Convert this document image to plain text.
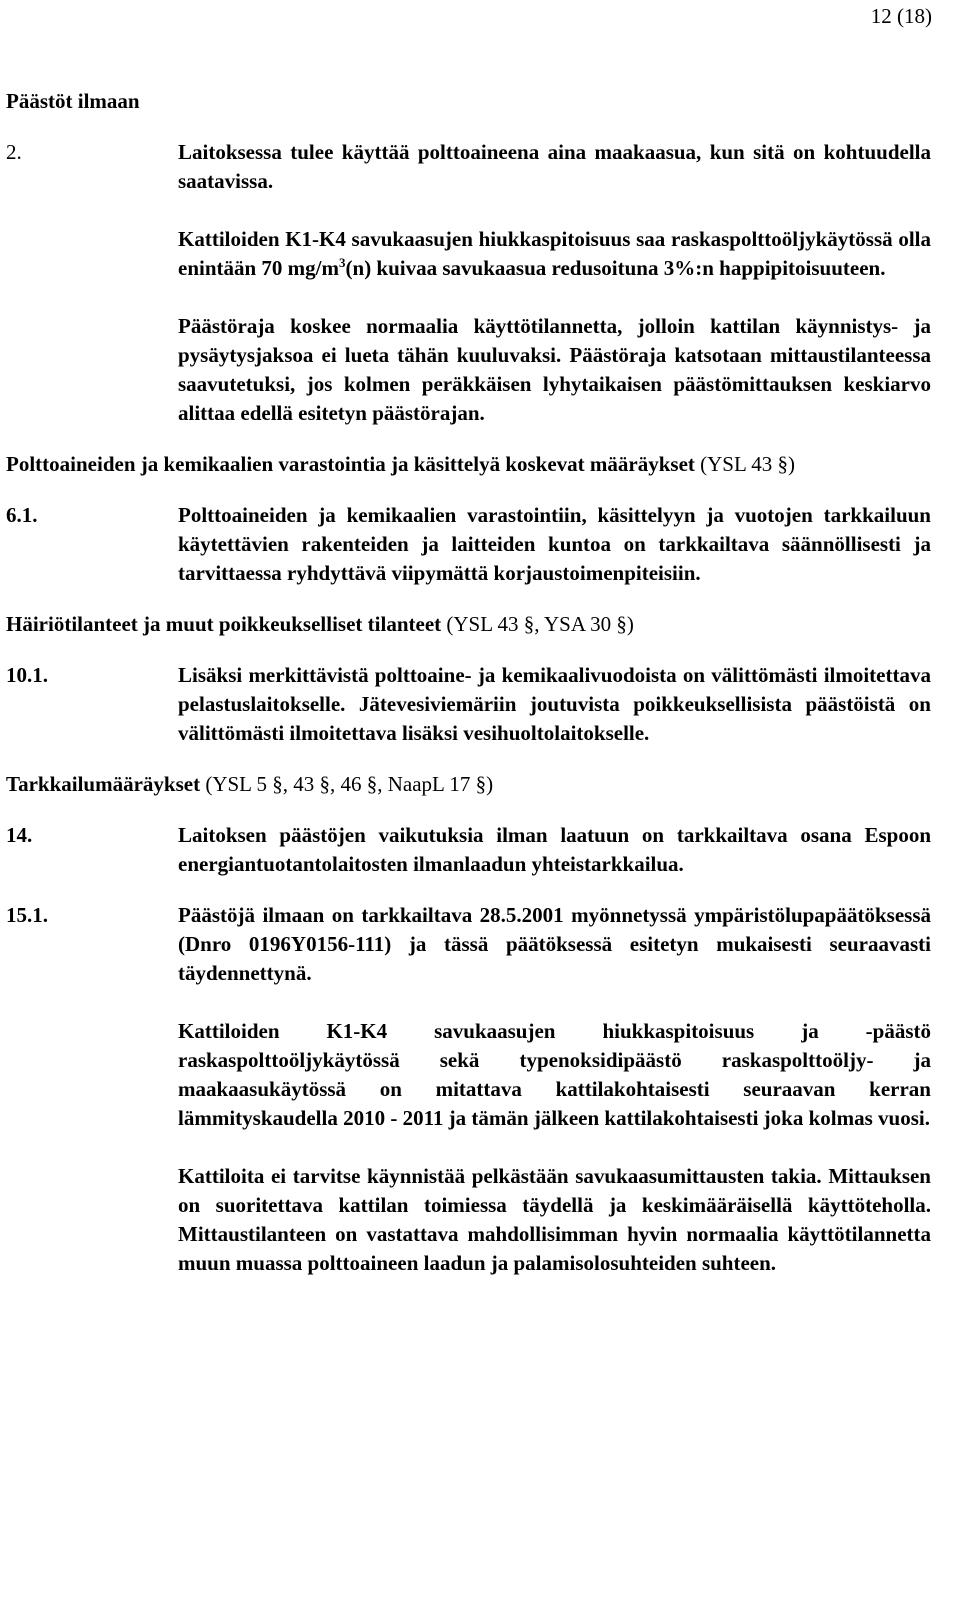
12 (18)

Päästöt ilmaan

2.	Laitoksessa tulee käyttää polttoaineena aina maakaasua, kun sitä on kohtuudella saatavissa.

Kattiloiden K1-K4 savukaasujen hiukkaspitoisuus saa raskaspolttoöljykäytössä olla enintään 70 $mg/m^3(n)$ kuivaa savukaasua redusoituna 3%:n happipitoisuuteen.

Päästöraja koskee normaalia käyttötilannetta, jolloin kattilan käynnistys- ja pysäytysjaksoa ei lueta tähän kuuluvaksi. Päästöraja katsotaan mittaustilanteessa saavutetuksi, jos kolmen peräkkäisen lyhytaikaisen päästömittauksen keskiarvo alittaa edellä esitetyn päästörajan.

Polttoaineiden ja kemikaalien varastointia ja käsittelyä koskevat määräykset (YSL 43 §)

6.1.	Polttoaineiden ja kemikaalien varastointiin, käsittelyyn ja vuotojen tarkkailuun käytettävien rakenteiden ja laitteiden kuntoa on tarkkailtava säännöllisesti ja tarvittaessa ryhdyttävä viipymättä korjaustoimenpiteisiin.

Häiriötilanteet ja muut poikkeukselliset tilanteet (YSL 43 §, YSA 30 §)

10.1.	Lisäksi merkittävistä polttoaine- ja kemikaalivuodoista on välittömästi ilmoitettava pelastuslaitokselle. Jätevesiviemäriin joutuvista poikkeuksellisista päästöistä on välittömästi ilmoitettava lisäksi vesihuoltolaitokselle.

Tarkkailumääräykset (YSL 5 §, 43 §, 46 §, NaapL 17 §)

14.	Laitoksen päästöjen vaikutuksia ilman laatuun on tarkkailtava osana Espoon energiantuotantolaitosten ilmanlaadun yhteistarkkailua.

15.1.	Päästöjä ilmaan on tarkkailtava 28.5.2001 myönnetyssä ympäristölupapäätöksessä (Dnro 0196Y0156-111) ja tässä päätöksessä esitetyn mukaisesti seuraavasti täydennettynä.

Kattiloiden K1-K4 savukaasujen hiukkaspitoisuus ja -päästö raskaspolttoöljykäytössä sekä typenoksidipäästö raskaspolttoöljy- ja maakaasukäytössä on mitattava kattilakohtaisesti seuraavan kerran lämmityskaudella 2010 - 2011 ja tämän jälkeen kattilakohtaisesti joka kolmas vuosi.

Kattiloita ei tarvitse käynnistää pelkästään savukaasumittausten takia. Mittauksen on suoritettava kattilan toimiessa täydellä ja keskimääräisellä käyttöteholla. Mittaustilanteen on vastattava mahdollisimman hyvin normaalia käyttötilannetta muun muassa polttoaineen laadun ja palamisolosuhteiden suhteen.
